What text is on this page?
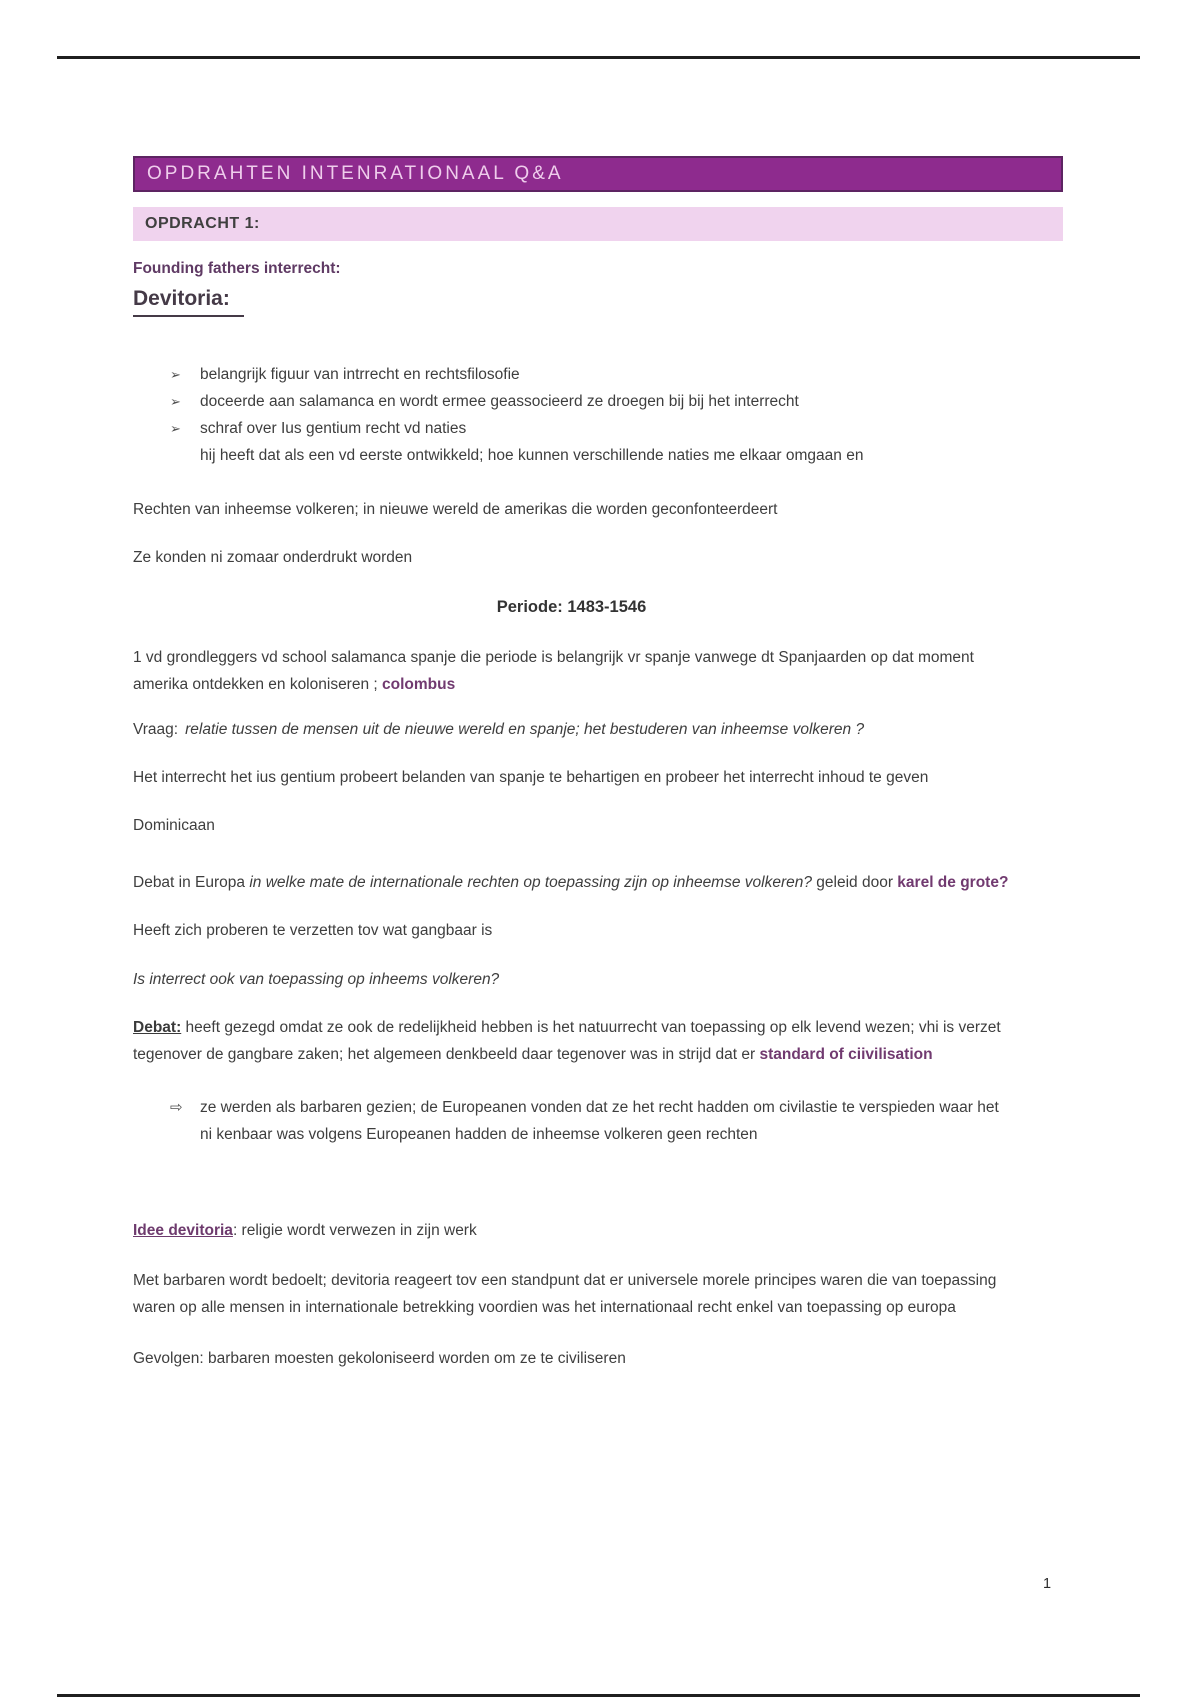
OPDRAHTEN INTENRATIONAAL Q&A
OPDRACHT 1:

Founding fathers interrecht:

Devitoria:
➢ belangrijk figuur van intrrecht en rechtsfilosofie
➢ doceerde aan salamanca en wordt ermee geassocieerd ze droegen bij bij het interrecht
➢ schraf over Ius gentium recht vd naties

hij heeft dat als een vd eerste ontwikkeld; hoe kunnen verschillende naties me elkaar omgaan en

Rechten van inheemse volkeren; in nieuwe wereld de amerikas die worden geconfonteerdeert

Ze konden ni zomaar onderdrukt worden

Periode: 1483-1546

1 vd grondleggers vd school salamanca spanje die periode is belangrijk vr spanje vanwege dt Spanjaarden op dat moment amerika ontdekken en koloniseren ; colombus

Vraag: relatie tussen de mensen uit de nieuwe wereld en spanje; het bestuderen van inheemse volkeren ?

Het interrecht het ius gentium probeert belanden van spanje te behartigen en probeer het interrecht inhoud te geven

Dominicaan

Debat in Europa in welke mate de internationale rechten op toepassing zijn op inheemse volkeren? geleid door karel de grote?

Heeft zich proberen te verzetten tov wat gangbaar is

Is interrect ook van toepassing op inheems volkeren?

Debat: heeft gezegd omdat ze ook de redelijkheid hebben is het natuurrecht van toepassing op elk levend wezen; vhi is verzet tegenover de gangbare zaken; het algemeen denkbeeld daar tegenover was in strijd dat er standard of ciivilisation

⇨ ze werden als barbaren gezien; de Europeanen vonden dat ze het recht hadden om civilastie te verspieden waar het ni kenbaar was volgens Europeanen hadden de inheemse volkeren geen rechten

Idee devitoria: religie wordt verwezen in zijn werk

Met barbaren wordt bedoelt; devitoria reageert tov een standpunt dat er universele morele principes waren die van toepassing waren op alle mensen in internationale betrekking voordien was het internationaal recht enkel van toepassing op europa

Gevolgen: barbaren moesten gekoloniseerd worden om ze te civiliseren

1
